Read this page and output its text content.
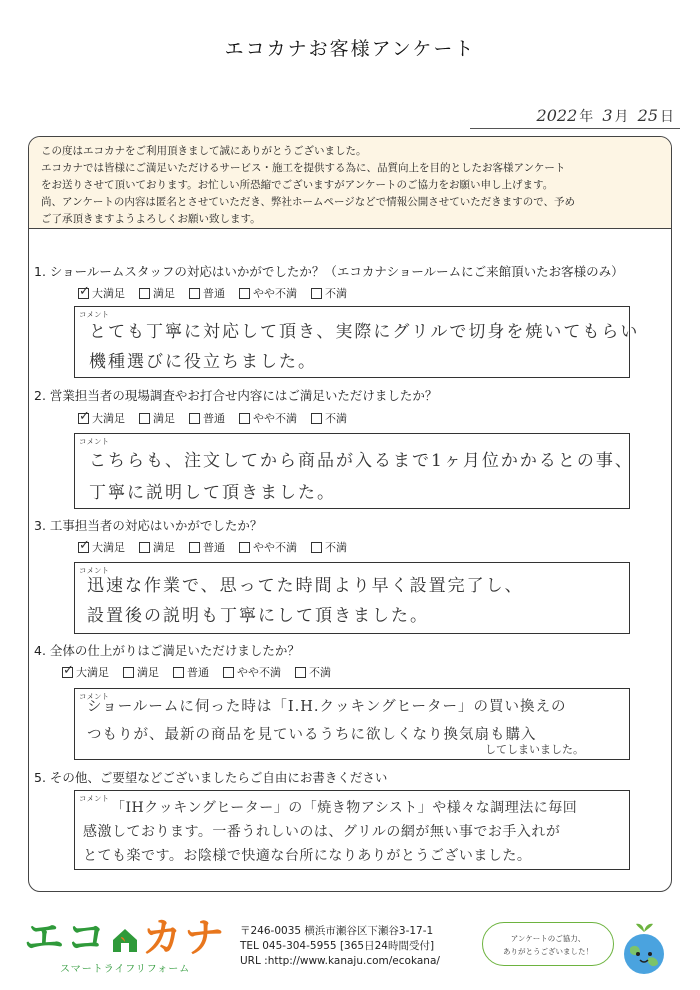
エコカナお客様アンケート
2022 年 3 月 25 日
この度はエコカナをご利用頂きまして誠にありがとうございました。
エコカナでは皆様にご満足いただけるサービス・施工を提供する為に、品質向上を目的としたお客様アンケート
をお送りさせて頂いております。お忙しい所恐縮でございますがアンケートのご協力をお願い申し上げます。
尚、アンケートの内容は匿名とさせていただき、弊社ホームページなどで情報公開させていただきますので、予め
ご了承頂きますようよろしくお願い致します。
1. ショールームスタッフの対応はいかがでしたか？（エコカナショールームにご来館頂いたお客様のみ）
✓
大満足	満足	普通	やや不満	不満
コメント
とても丁寧に対応して頂き、実際にグリルで切身を焼いてもらい
機種選びに役立ちました。
2. 営業担当者の現場調査やお打合せ内容にはご満足いただけましたか？
✓
大満足	満足	普通	やや不満	不満
コメント
こちらも、注文してから商品が入るまで1ヶ月位かかるとの事、
丁寧に説明して頂きました。
3. 工事担当者の対応はいかがでしたか？
✓
大満足	満足	普通	やや不満	不満
コメント
迅速な作業で、思ってた時間より早く設置完了し、
設置後の説明も丁寧にして頂きました。
4. 全体の仕上がりはご満足いただけましたか？
✓
大満足	満足	普通	やや不満	不満
コメント
ショールームに伺った時は「I.H.クッキングヒーター」の買い換えの
つもりが、最新の商品を見ているうちに欲しくなり換気扇も購入
してしまいました。
5. その他、ご要望などございましたらご自由にお書きください
コメント
「IHクッキングヒーター」の「焼き物アシスト」や様々な調理法に毎回
感激しております。一番うれしいのは、グリルの網が無い事でお手入れが
とても楽です。お陰様で快適な台所になりありがとうございました。
エコ カナ
スマートライフリフォーム
〒246-0035 横浜市瀬谷区下瀬谷3-17-1
TEL 045-304-5955 [365日24時間受付]
URL :http://www.kanaju.com/ecokana/
アンケートのご協力、
ありがとうございました！
